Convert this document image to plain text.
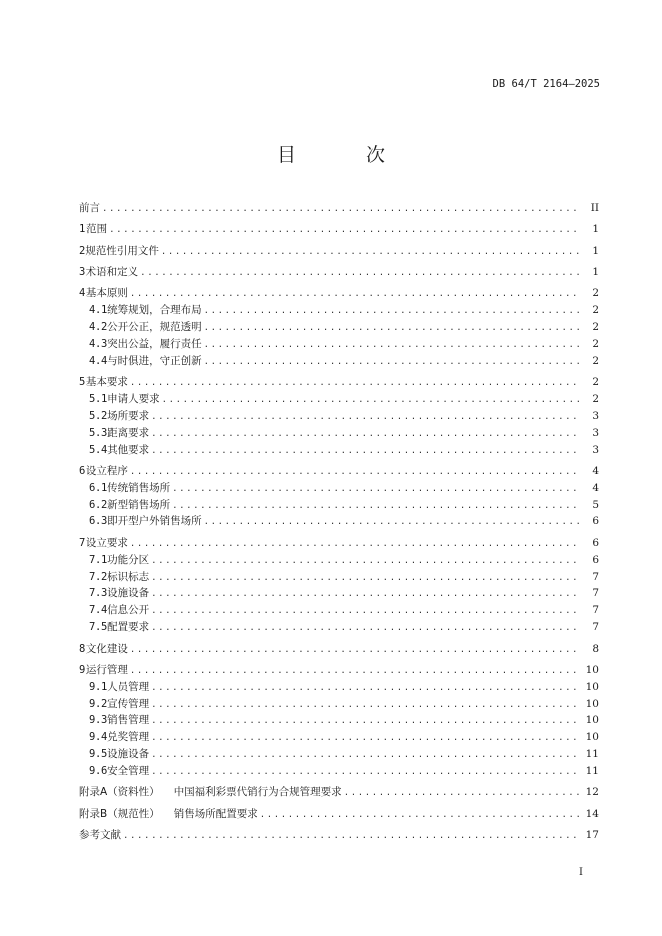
DB 64/T 2164—2025
目 次
前言 .....	II
1 范围 .....	1
2 规范性引用文件 .....	1
3 术语和定义 .....	1
4 基本原则 .....	2
4.1 统筹规划，合理布局 .....	2
4.2 公开公正，规范透明 .....	2
4.3 突出公益，履行责任 .....	2
4.4 与时俱进，守正创新 .....	2
5 基本要求 .....	2
5.1 申请人要求 .....	2
5.2 场所要求 .....	3
5.3 距离要求 .....	3
5.4 其他要求 .....	3
6 设立程序 .....	4
6.1 传统销售场所 .....	4
6.2 新型销售场所 .....	5
6.3 即开型户外销售场所 .....	6
7 设立要求 .....	6
7.1 功能分区 .....	6
7.2 标识标志 .....	7
7.3 设施设备 .....	7
7.4 信息公开 .....	7
7.5 配置要求 .....	7
8 文化建设 .....	8
9 运行管理 .....	10
9.1 人员管理 .....	10
9.2 宣传管理 .....	10
9.3 销售管理 .....	10
9.4 兑奖管理 .....	10
9.5 设施设备 .....	11
9.6 安全管理 .....	11
附录A（资料性）	中国福利彩票代销行为合规管理要求 .....	12
附录B（规范性）	销售场所配置要求 .....	14
参考文献 .....	17
I
